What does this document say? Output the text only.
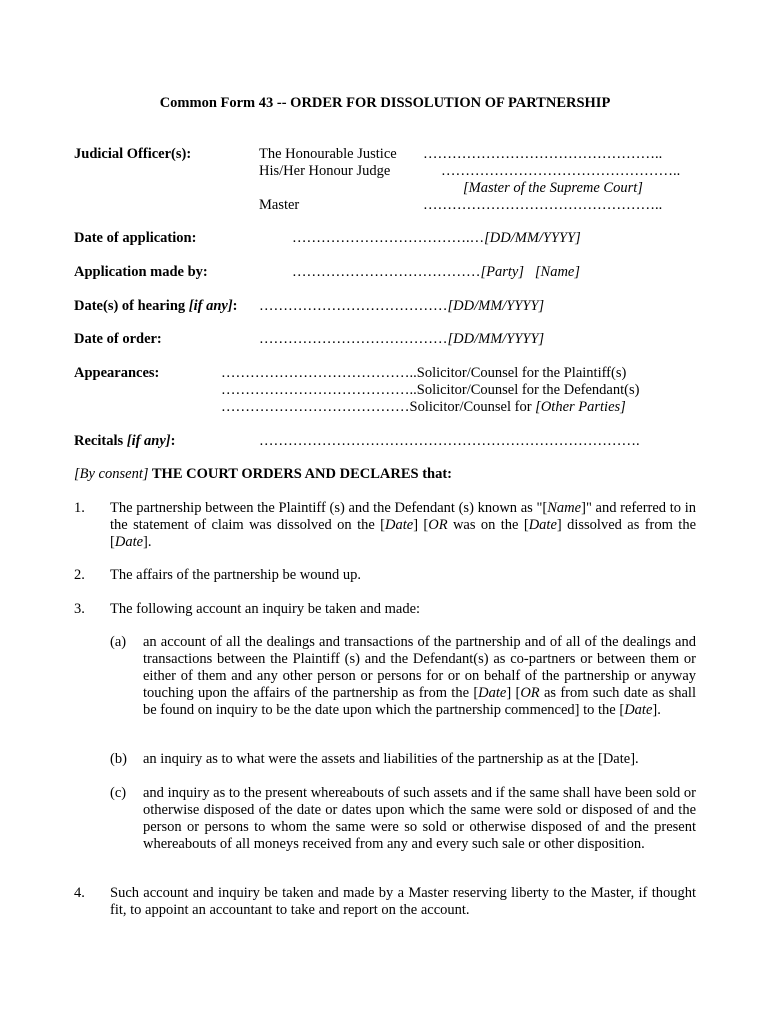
Common Form 43 -- ORDER FOR DISSOLUTION OF PARTNERSHIP
Judicial Officer(s):	The Honourable Justice …………………………………………..
His/Her Honour Judge	…………………………………………..
[Master of the Supreme Court]
Master	…………………………………………..
Date of application:	……………………………….…[DD/MM/YYYY]
Application made by:	…………………………………[Party]   [Name]
Date(s) of hearing [if any]: …………………………………[DD/MM/YYYY]
Date of order:	…………………………………[DD/MM/YYYY]
Appearances:	…………………………………..Solicitor/Counsel for the Plaintiff(s)
…………………………………..Solicitor/Counsel for the Defendant(s)
…………………………………Solicitor/Counsel for [Other Parties]
Recitals [if any]:	…………………………………………………………………….
[By consent] THE COURT ORDERS AND DECLARES that:
1. The partnership between the Plaintiff (s) and the Defendant (s) known as "[Name]" and referred to in the statement of claim was dissolved on the [Date] [OR was on the [Date] dissolved as from the [Date].
2. The affairs of the partnership be wound up.
3. The following account an inquiry be taken and made:
(a) an account of all the dealings and transactions of the partnership and of all of the dealings and transactions between the Plaintiff (s) and the Defendant(s) as co-partners or between them or either of them and any other person or persons for or on behalf of the partnership or anyway touching upon the affairs of the partnership as from the [Date] [OR as from such date as shall be found on inquiry to be the date upon which the partnership commenced] to the [Date].
(b) an inquiry as to what were the assets and liabilities of the partnership as at the [Date].
(c) and inquiry as to the present whereabouts of such assets and if the same shall have been sold or otherwise disposed of the date or dates upon which the same were sold or disposed of and the person or persons to whom the same were so sold or otherwise disposed of and the present whereabouts of all moneys received from any and every such sale or other disposition.
4. Such account and inquiry be taken and made by a Master reserving liberty to the Master, if thought fit, to appoint an accountant to take and report on the account.
